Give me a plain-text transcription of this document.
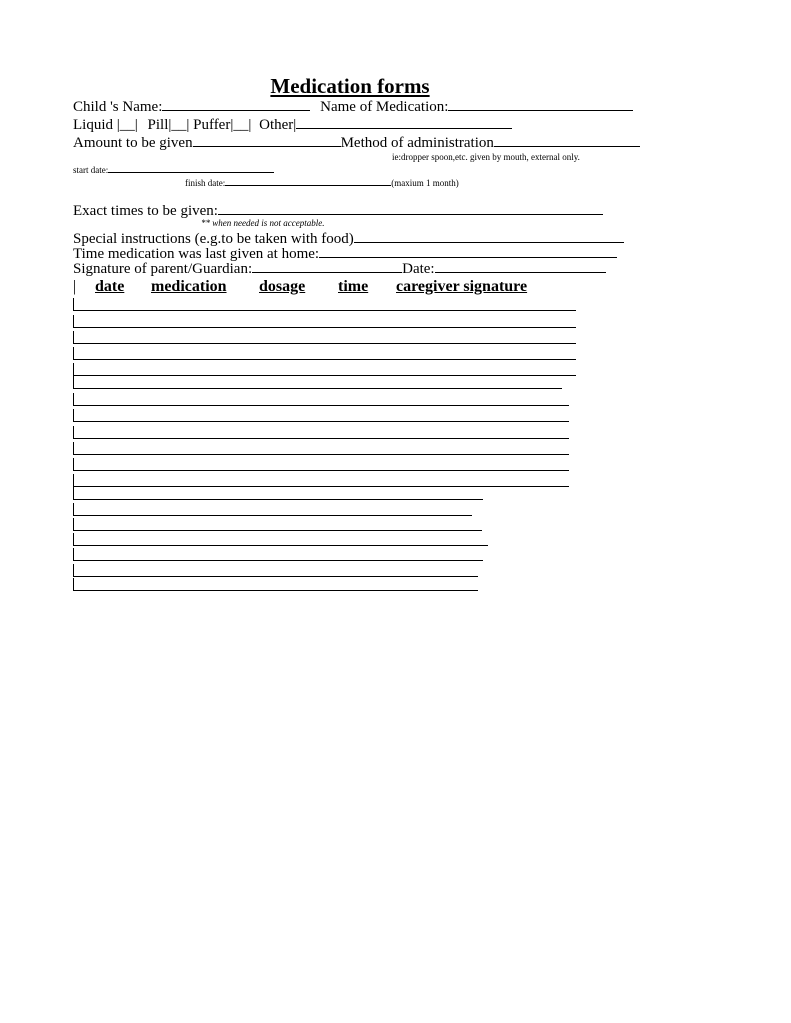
Medication forms
Child 's Name:	Name of Medication:
Liquid |__| Pill|__| Puffer|__| Other|
Amount to be given	Method of administration
ie:dropper spoon,etc. given by mouth, external only.
start date:
finish date:	(maxium 1 month)
Exact times to be given:
** when needed is not acceptable.
Special instructions (e.g.to be taken with food)
Time medication was last given at home:
Signature of parent/Guardian:	Date:
| date medication dosage time caregiver signature
